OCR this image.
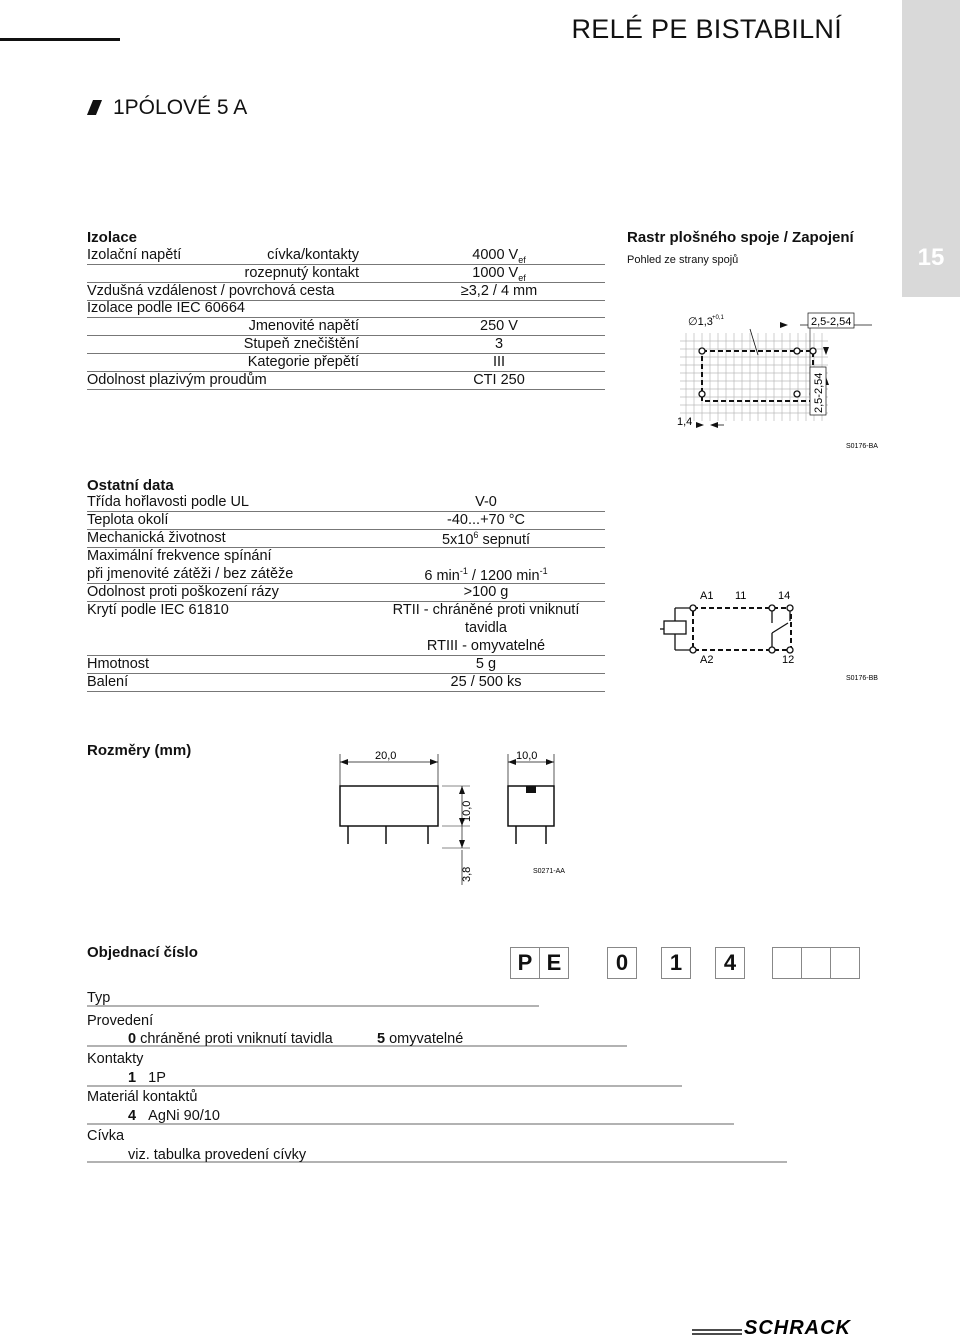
RELÉ PE BISTABILNÍ
15
1PÓLOVÉ 5 A
Izolace
Izolační napětí	cívka/kontakty	4000 $V_{ef}$
rozepnutý kontakt	1000 $V_{ef}$
Vzdušná vzdálenost / povrchová cesta	≥3,2 / 4 mm
Izolace podle IEC 60664
Jmenovité napětí	250 V
Stupeň znečištění	3
Kategorie přepětí	III
Odolnost plazivým proudům	CTI 250
Rastr plošného spoje / Zapojení
Pohled ze strany spojů
∅1,3 +0,1	2,5-2,54
2,5-2,54
1,4
S0176-BA
Ostatní data
Třída hořlavosti podle UL	V-0
Teplota okolí	-40...+70 °C
Mechanická životnost	$5x10^6$ sepnutí
Maximální frekvence spínání
při jmenovité zátěži / bez zátěže	6 $\min^{-1} / 1200$ $\min^{-1}$
Odolnost proti poškození rázy	>100 g
Krytí podle IEC 61810	RTII - chráněné proti vniknutí
tavidla
RTIII - omyvatelné
Hmotnost	5 g
Balení	25 / 500 ks
A1 11	14
A2	12
S0176-BB
Rozměry (mm)	20,0
10,0
3,8
10,0
S0271-AA
Objednací číslo	P E	0	1	4
Typ
Provedení
0 chráněné proti vniknutí tavidla	5 omyvatelné
Kontakty
1 1P
Materiál kontaktů
4 AgNi 90/10
Cívka
viz. tabulka provedení cívky
SCHRACK
